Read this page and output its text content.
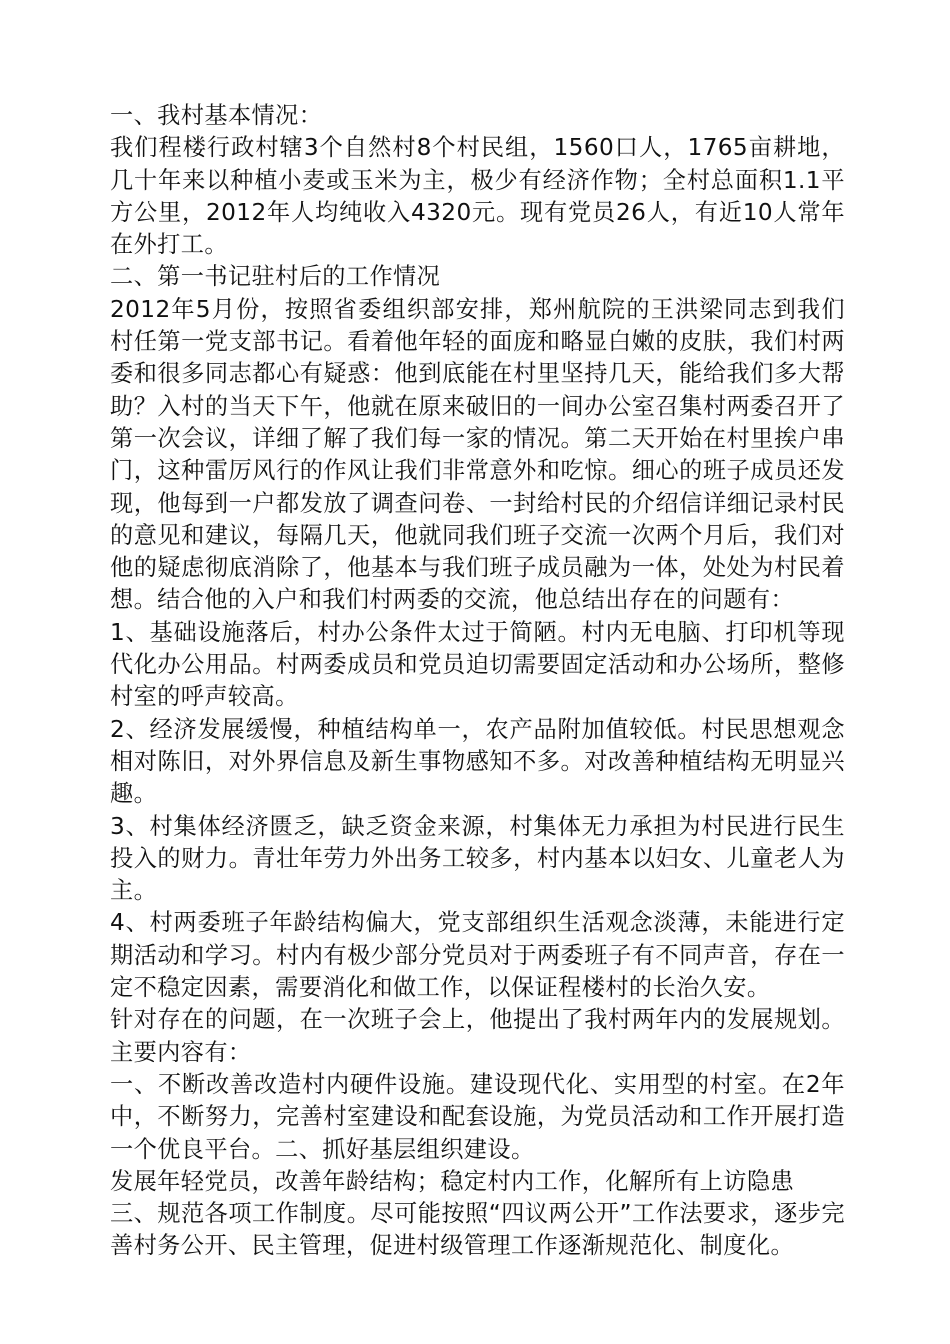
一、我村基本情况：

我们程楼行政村辖3个自然村8个村民组，1560口人，1765亩耕地，几十年来以种植小麦或玉米为主，极少有经济作物；全村总面积1.1平方公里，2012年人均纯收入4320元。现有党员26人，有近10人常年在外打工。

二、第一书记驻村后的工作情况

2012年5月份，按照省委组织部安排，郑州航院的王洪梁同志到我们村任第一党支部书记。看着他年轻的面庞和略显白嫩的皮肤，我们村两委和很多同志都心有疑惑：他到底能在村里坚持几天，能给我们多大帮助？入村的当天下午，他就在原来破旧的一间办公室召集村两委召开了第一次会议，详细了解了我们每一家的情况。第二天开始在村里挨户串门，这种雷厉风行的作风让我们非常意外和吃惊。细心的班子成员还发现，他每到一户都发放了调查问卷、一封给村民的介绍信详细记录村民的意见和建议，每隔几天，他就同我们班子交流一次两个月后，我们对他的疑虑彻底消除了，他基本与我们班子成员融为一体，处处为村民着想。结合他的入户和我们村两委的交流，他总结出存在的问题有：

1、基础设施落后，村办公条件太过于简陋。村内无电脑、打印机等现代化办公用品。村两委成员和党员迫切需要固定活动和办公场所，整修村室的呼声较高。

2、经济发展缓慢，种植结构单一，农产品附加值较低。村民思想观念相对陈旧，对外界信息及新生事物感知不多。对改善种植结构无明显兴趣。

3、村集体经济匮乏，缺乏资金来源，村集体无力承担为村民进行民生投入的财力。青壮年劳力外出务工较多，村内基本以妇女、儿童老人为主。

4、村两委班子年龄结构偏大，党支部组织生活观念淡薄，未能进行定期活动和学习。村内有极少部分党员对于两委班子有不同声音，存在一定不稳定因素，需要消化和做工作，以保证程楼村的长治久安。

针对存在的问题，在一次班子会上，他提出了我村两年内的发展规划。主要内容有：

一、不断改善改造村内硬件设施。建设现代化、实用型的村室。在2年中，不断努力，完善村室建设和配套设施，为党员活动和工作开展打造一个优良平台。二、抓好基层组织建设。

发展年轻党员，改善年龄结构；稳定村内工作，化解所有上访隐患

三、规范各项工作制度。尽可能按照“四议两公开”工作法要求，逐步完善村务公开、民主管理，促进村级管理工作逐渐规范化、制度化。
